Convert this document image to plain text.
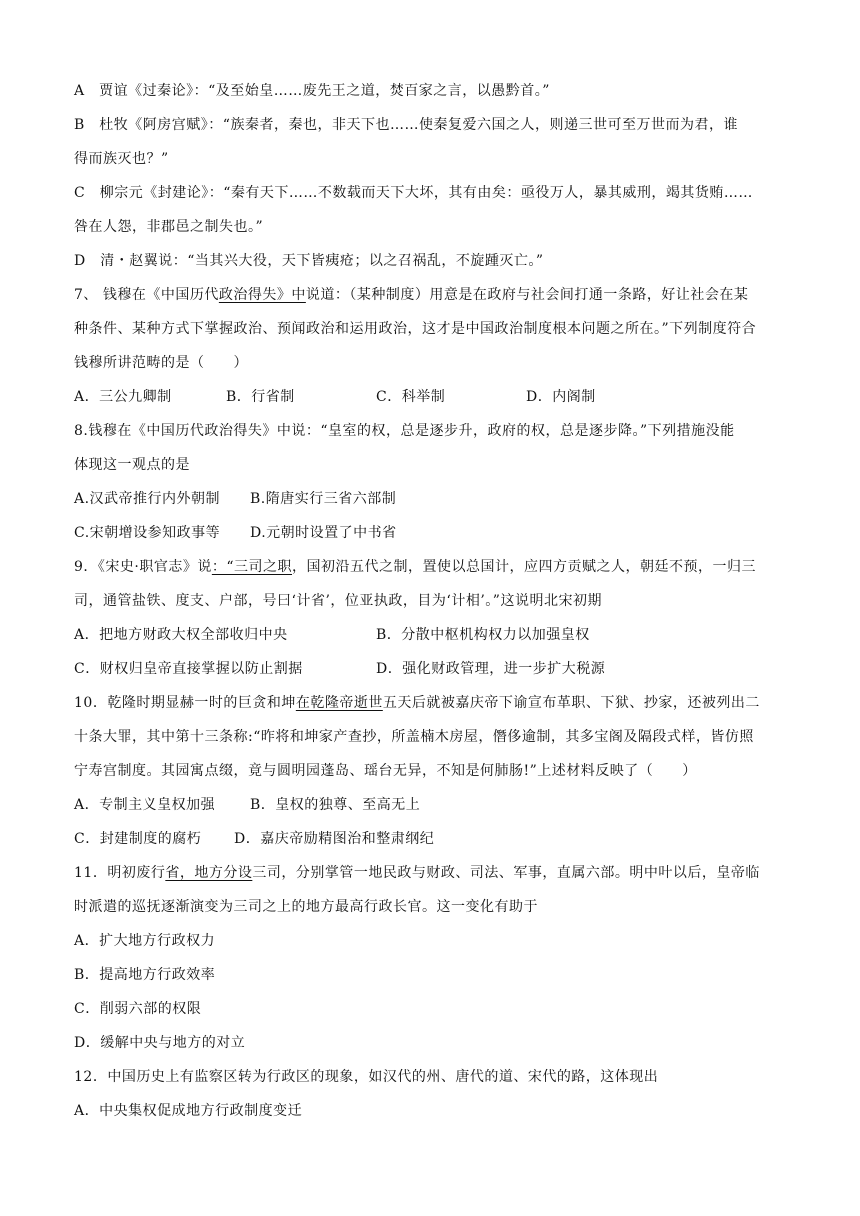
A　贾谊《过秦论》：“及至始皇……废先王之道，焚百家之言，以愚黔首。”
B　杜牧《阿房宫赋》：“族秦者，秦也，非天下也……使秦复爱六国之人，则递三世可至万世而为君，谁
得而族灭也？”
C　柳宗元《封建论》：“秦有天下……不数载而天下大坏，其有由矣：亟役万人，暴其威刑，竭其货贿……
咎在人怨，非郡邑之制失也。”
D　清・赵翼说：“当其兴大役，天下皆痍疮；以之召祸乱，不旋踵灭亡。”
7、 钱穆在《中国历代政治得失》中说道：（某种制度）用意是在政府与社会间打通一条路，好让社会在某
种条件、某种方式下掌握政治、预闻政治和运用政治，这才是中国政治制度根本问题之所在。”下列制度符合
钱穆所讲范畴的是（　　）
A．三公九卿制	B．行省制	C．科举制	D．内阁制
8.钱穆在《中国历代政治得失》中说：“皇室的权，总是逐步升，政府的权，总是逐步降。”下列措施没能
体现这一观点的是
A.汉武帝推行内外朝制 B.隋唐实行三省六部制
C.宋朝增设参知政事等 D.元朝时设置了中书省
9．《宋史·职官志》说：“三司之职，国初沿五代之制，置使以总国计，应四方贡赋之人，朝廷不预，一归三
司，通管盐铁、度支、户部，号曰‘计省’，位亚执政，目为‘计相’。”这说明北宋初期
A．把地方财政大权全部收归中央	B．分散中枢机构权力以加强皇权
C．财权归皇帝直接掌握以防止割据	D．强化财政管理，进一步扩大税源
10．乾隆时期显赫一时的巨贪和坤在乾隆帝逝世五天后就被嘉庆帝下谕宣布革职、下狱、抄家，还被列出二
十条大罪，其中第十三条称:“昨将和坤家产查抄，所盖楠木房屋，僭侈逾制，其多宝阁及隔段式样，皆仿照
宁寿宫制度。其园寓点缀，竟与圆明园蓬岛、瑶台无异，不知是何肺肠!”上述材料反映了（　　）
A．专制主义皇权加强 B．皇权的独尊、至高无上
C．封建制度的腐朽 D．嘉庆帝励精图治和整肃纲纪
11．明初废行省，地方分设三司，分别掌管一地民政与财政、司法、军事，直属六部。明中叶以后，皇帝临
时派遣的巡抚逐渐演变为三司之上的地方最高行政长官。这一变化有助于
A．扩大地方行政权力
B．提高地方行政效率
C．削弱六部的权限
D．缓解中央与地方的对立
12．中国历史上有监察区转为行政区的现象，如汉代的州、唐代的道、宋代的路，这体现出
A．中央集权促成地方行政制度变迁
